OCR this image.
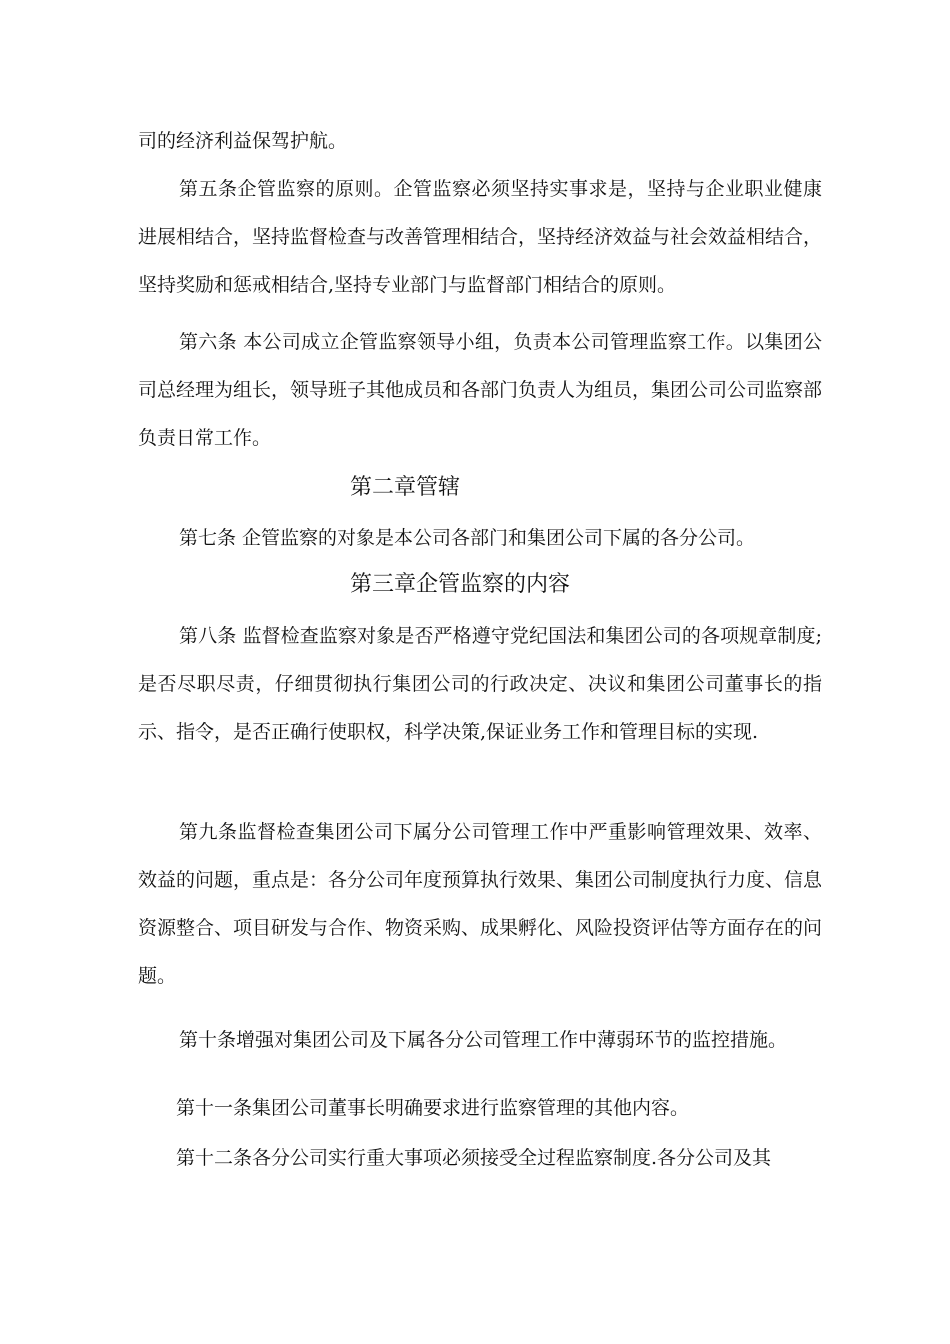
司的经济利益保驾护航。

第五条企管监察的原则。企管监察必须坚持实事求是，坚持与企业职业健康进展相结合，坚持监督检查与改善管理相结合，坚持经济效益与社会效益相结合，坚持奖励和惩戒相结合,坚持专业部门与监督部门相结合的原则。

第六条 本公司成立企管监察领导小组，负责本公司管理监察工作。以集团公司总经理为组长，领导班子其他成员和各部门负责人为组员，集团公司公司监察部负责日常工作。

第二章管辖

第七条 企管监察的对象是本公司各部门和集团公司下属的各分公司。

第三章企管监察的内容

第八条 监督检查监察对象是否严格遵守党纪国法和集团公司的各项规章制度;是否尽职尽责，仔细贯彻执行集团公司的行政决定、决议和集团公司董事长的指示、指令，是否正确行使职权，科学决策,保证业务工作和管理目标的实现.

第九条监督检查集团公司下属分公司管理工作中严重影响管理效果、效率、效益的问题，重点是：各分公司年度预算执行效果、集团公司制度执行力度、信息资源整合、项目研发与合作、物资采购、成果孵化、风险投资评估等方面存在的问题。

第十条增强对集团公司及下属各分公司管理工作中薄弱环节的监控措施。

第十一条集团公司董事长明确要求进行监察管理的其他内容。

第十二条各分公司实行重大事项必须接受全过程监察制度.各分公司及其
